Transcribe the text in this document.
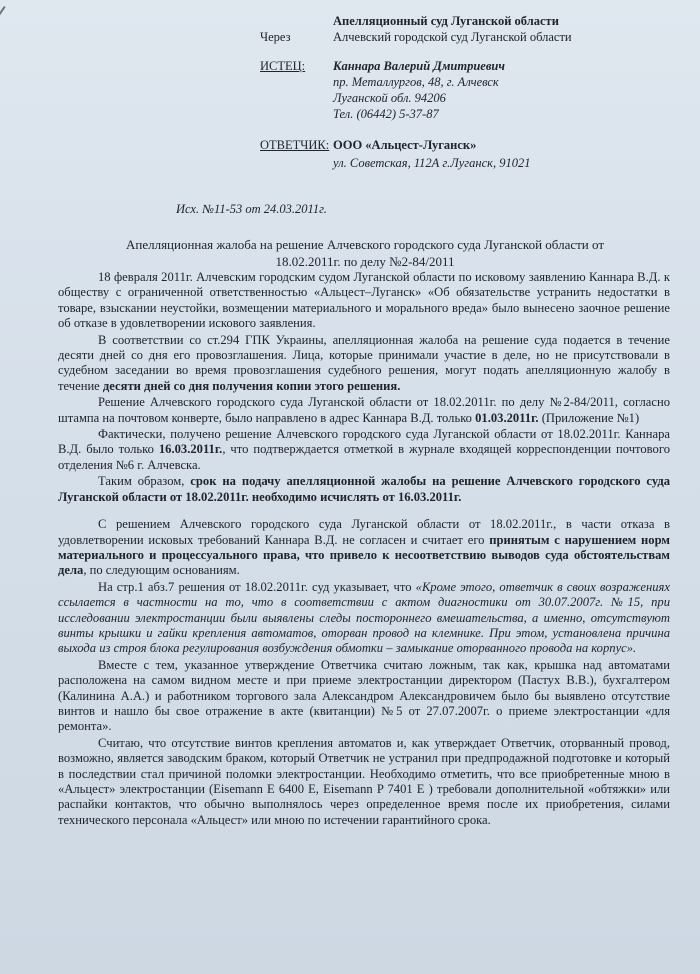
Апелляционный суд Луганской области
Через	Алчевский городской суд Луганской области
ИСТЕЦ: Каннара Валерий Дмитриевич
пр. Металлургов, 48, г. Алчевск
Луганской обл. 94206
Тел. (06442) 5-37-87
ОТВЕТЧИК: ООО «Альцест-Луганск»
ул. Советская, 112А г.Луганск, 91021
Исх. №11-53 от 24.03.2011г.
Апелляционная жалоба на решение Алчевского городского суда Луганской области от
18.02.2011г. по делу №2-84/2011

18 февраля 2011г. Алчевским городским судом Луганской области по исковому заявлению Каннара В.Д. к обществу с ограниченной ответственностью «Альцест–Луганск» «Об обязательстве устранить недостатки в товаре, взыскании неустойки, возмещении материального и морального вреда» было вынесено заочное решение об отказе в удовлетворении искового заявления.

В соответствии со ст.294 ГПК Украины, апелляционная жалоба на решение суда подается в течение десяти дней со дня его провозглашения. Лица, которые принимали участие в деле, но не присутствовали в судебном заседании во время провозглашения судебного решения, могут подать апелляционную жалобу в течение десяти дней со дня получения копии этого решения.

Решение Алчевского городского суда Луганской области от 18.02.2011г. по делу №2-84/2011, согласно штампа на почтовом конверте, было направлено в адрес Каннара В.Д. только 01.03.2011г. (Приложение №1)

Фактически, получено решение Алчевского городского суда Луганской области от 18.02.2011г. Каннара В.Д. было только 16.03.2011г., что подтверждается отметкой в журнале входящей корреспонденции почтового отделения №6 г. Алчевска.

Таким образом, срок на подачу апелляционной жалобы на решение Алчевского городского суда Луганской области от 18.02.2011г. необходимо исчислять от 16.03.2011г.

С решением Алчевского городского суда Луганской области от 18.02.2011г., в части отказа в удовлетворении исковых требований Каннара В.Д. не согласен и считает его принятым с нарушением норм материального и процессуального права, что привело к несоответствию выводов суда обстоятельствам дела, по следующим основаниям.

На стр.1 абз.7 решения от 18.02.2011г. суд указывает, что «Кроме этого, ответчик в своих возражениях ссылается в частности на то, что в соответствии с актом диагностики от 30.07.2007г. №15, при исследовании электростанции были выявлены следы постороннего вмешательства, а именно, отсутствуют винты крышки и гайки крепления автоматов, оторван провод на клемнике. При этом, установлена причина выхода из строя блока регулирования возбуждения обмотки – замыкание оторванного провода на корпус».

Вместе с тем, указанное утверждение Ответчика считаю ложным, так как, крышка над автоматами расположена на самом видном месте и при приеме электростанции директором (Пастух В.В.), бухгалтером (Калинина А.А.) и работником торгового зала Александром Александровичем было бы выявлено отсутствие винтов и нашло бы свое отражение в акте (квитанции) №5 от 27.07.2007г. о приеме электростанции «для ремонта».

Считаю, что отсутствие винтов крепления автоматов и, как утверждает Ответчик, оторванный провод, возможно, является заводским браком, который Ответчик не устранил при предпродажной подготовке и который в последствии стал причиной поломки электростанции. Необходимо отметить, что все приобретенные мною в «Альцест» электростанции (Eisemann E 6400 E, Eisemann P 7401 E ) требовали дополнительной «обтяжки» или распайки контактов, что обычно выполнялось через определенное время после их приобретения, силами технического персонала «Альцест» или мною по истечении гарантийного срока.
